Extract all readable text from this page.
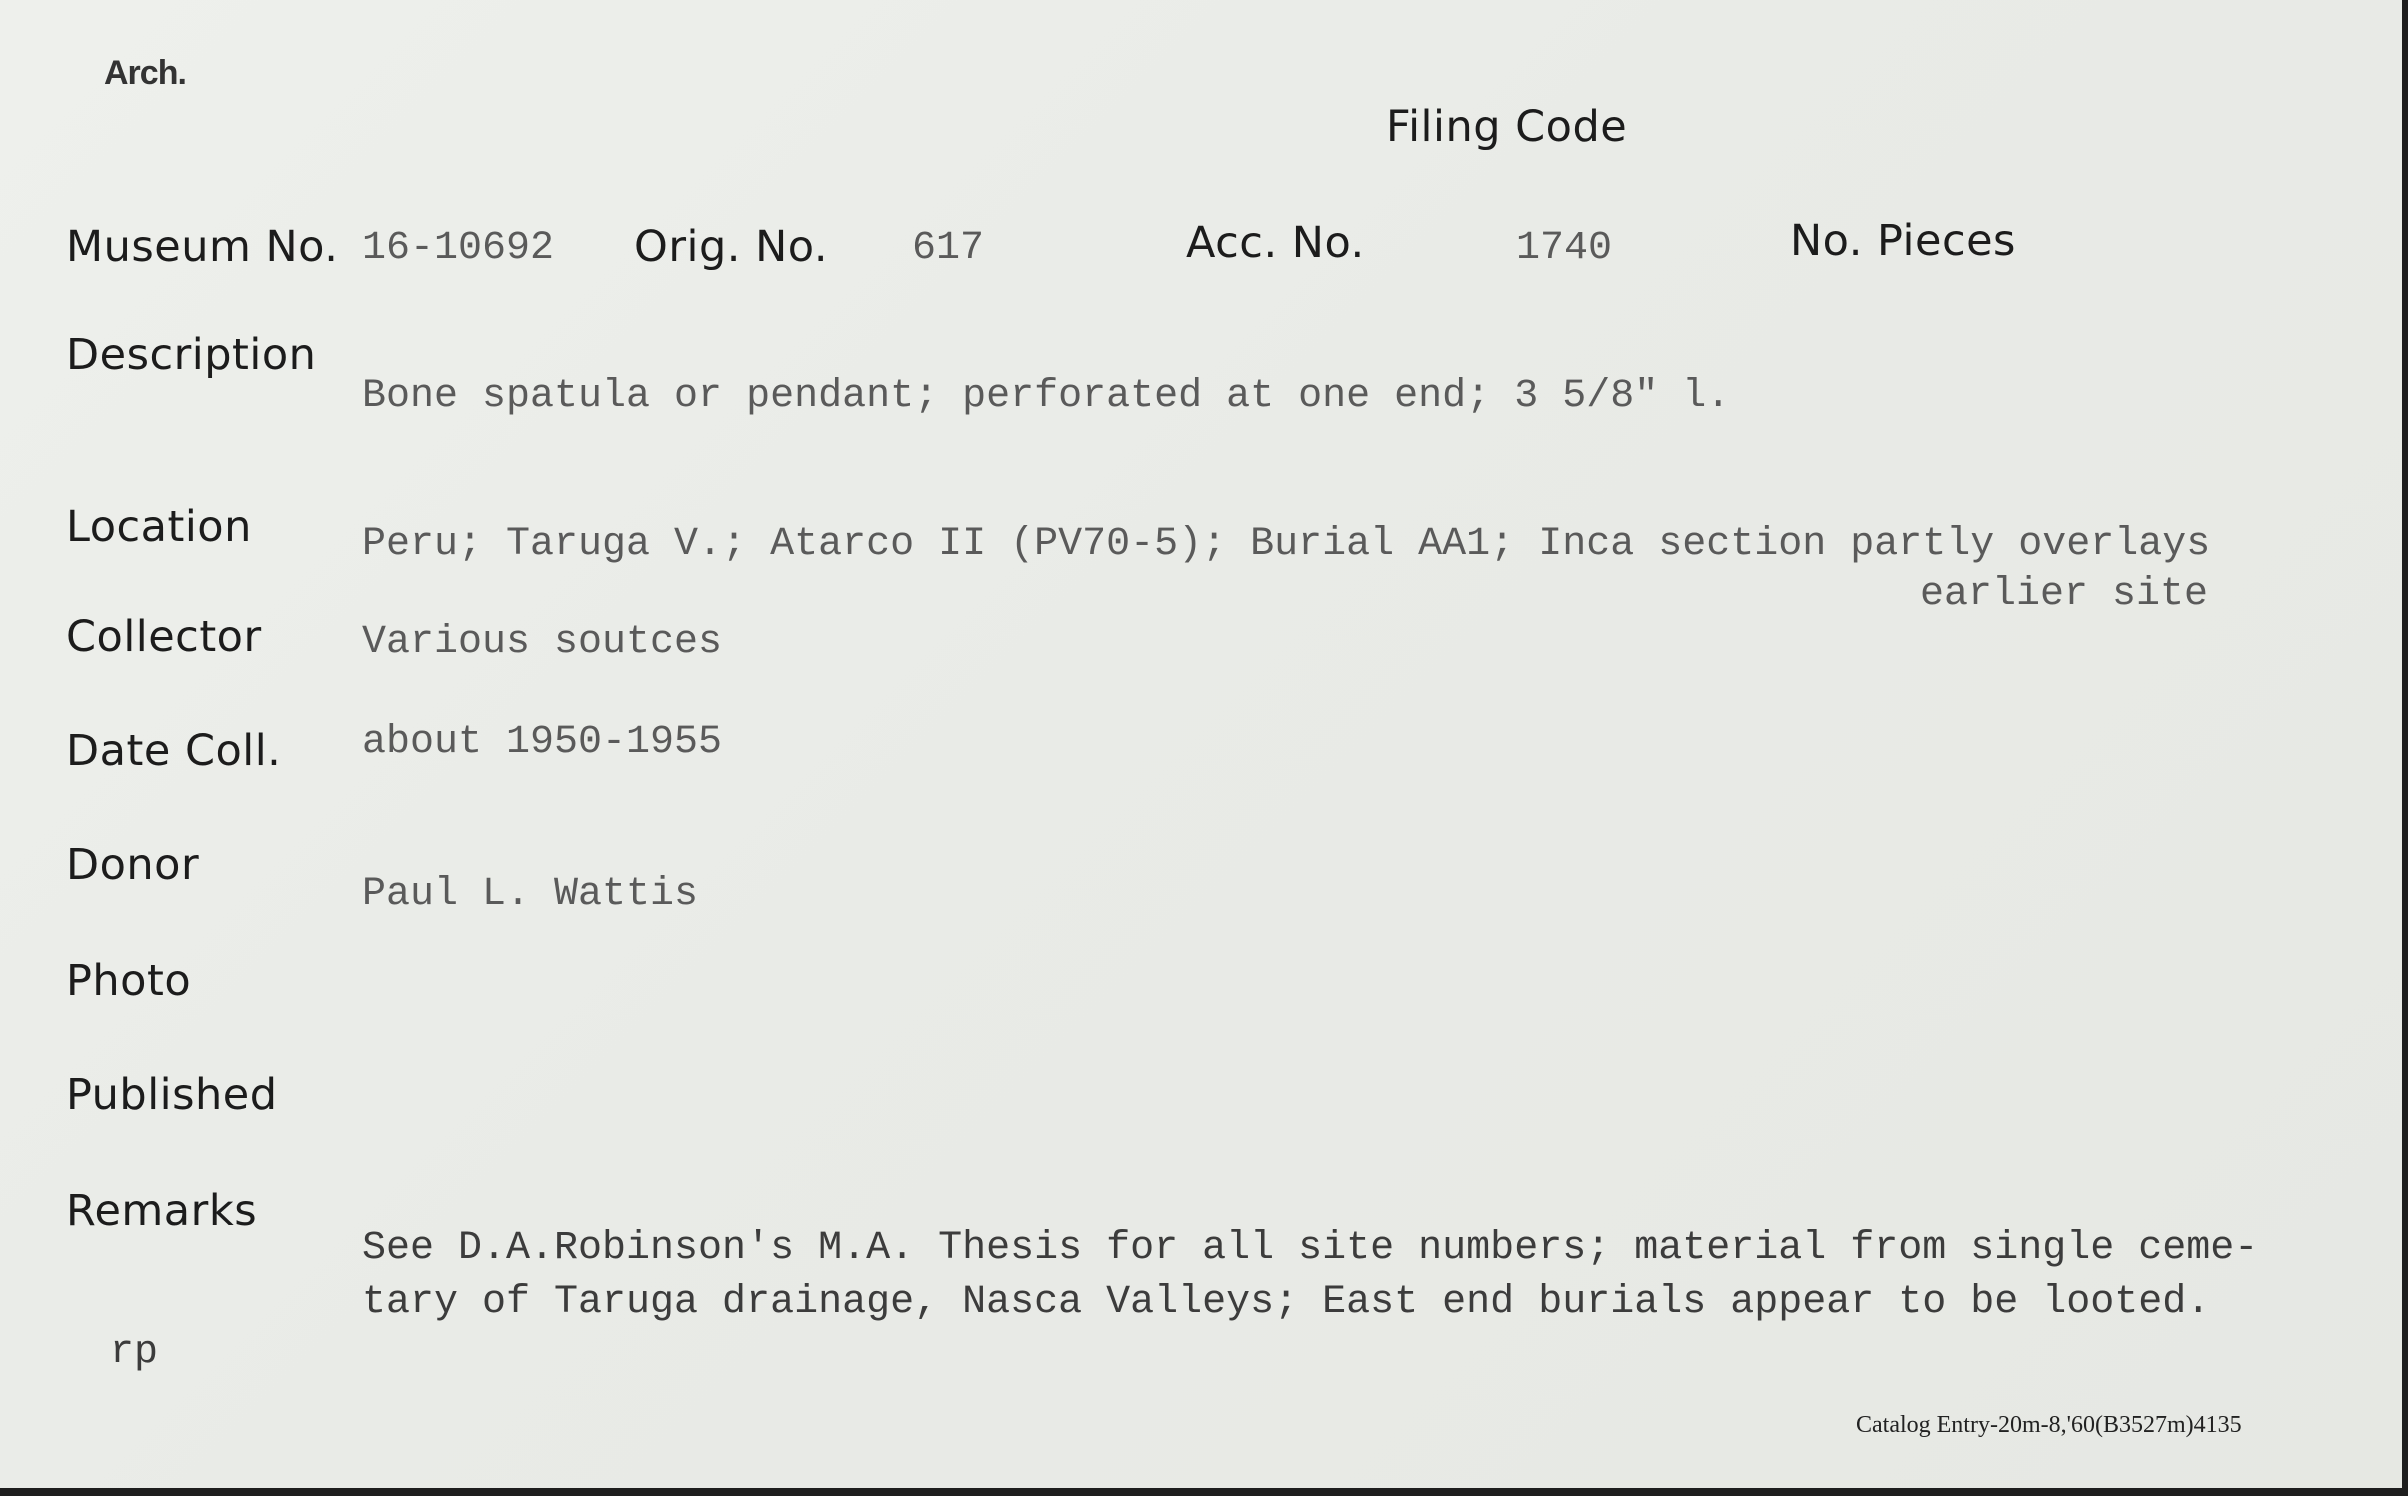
Arch.
Filing Code
Museum No. 16-10692 Orig. No. 617	Acc. No.	1740	No. Pieces
Description
Bone spatula or pendant; perforated at one end; 3 5/8" l.
Location	Peru; Taruga V.; Atarco II (PV70-5); Burial AA1; Inca section partly overlays
earlier site
Collector	Various soutces
Date Coll. about 1950-1955
Donor
Paul L. Wattis
Photo
Published
Remarks
See D.A.Robinson's M.A. Thesis for all site numbers; material from single ceme-
tary of Taruga drainage, Nasca Valleys; East end burials appear to be looted.
rp
Catalog Entry-20m-8,'60(B3527m)4135
